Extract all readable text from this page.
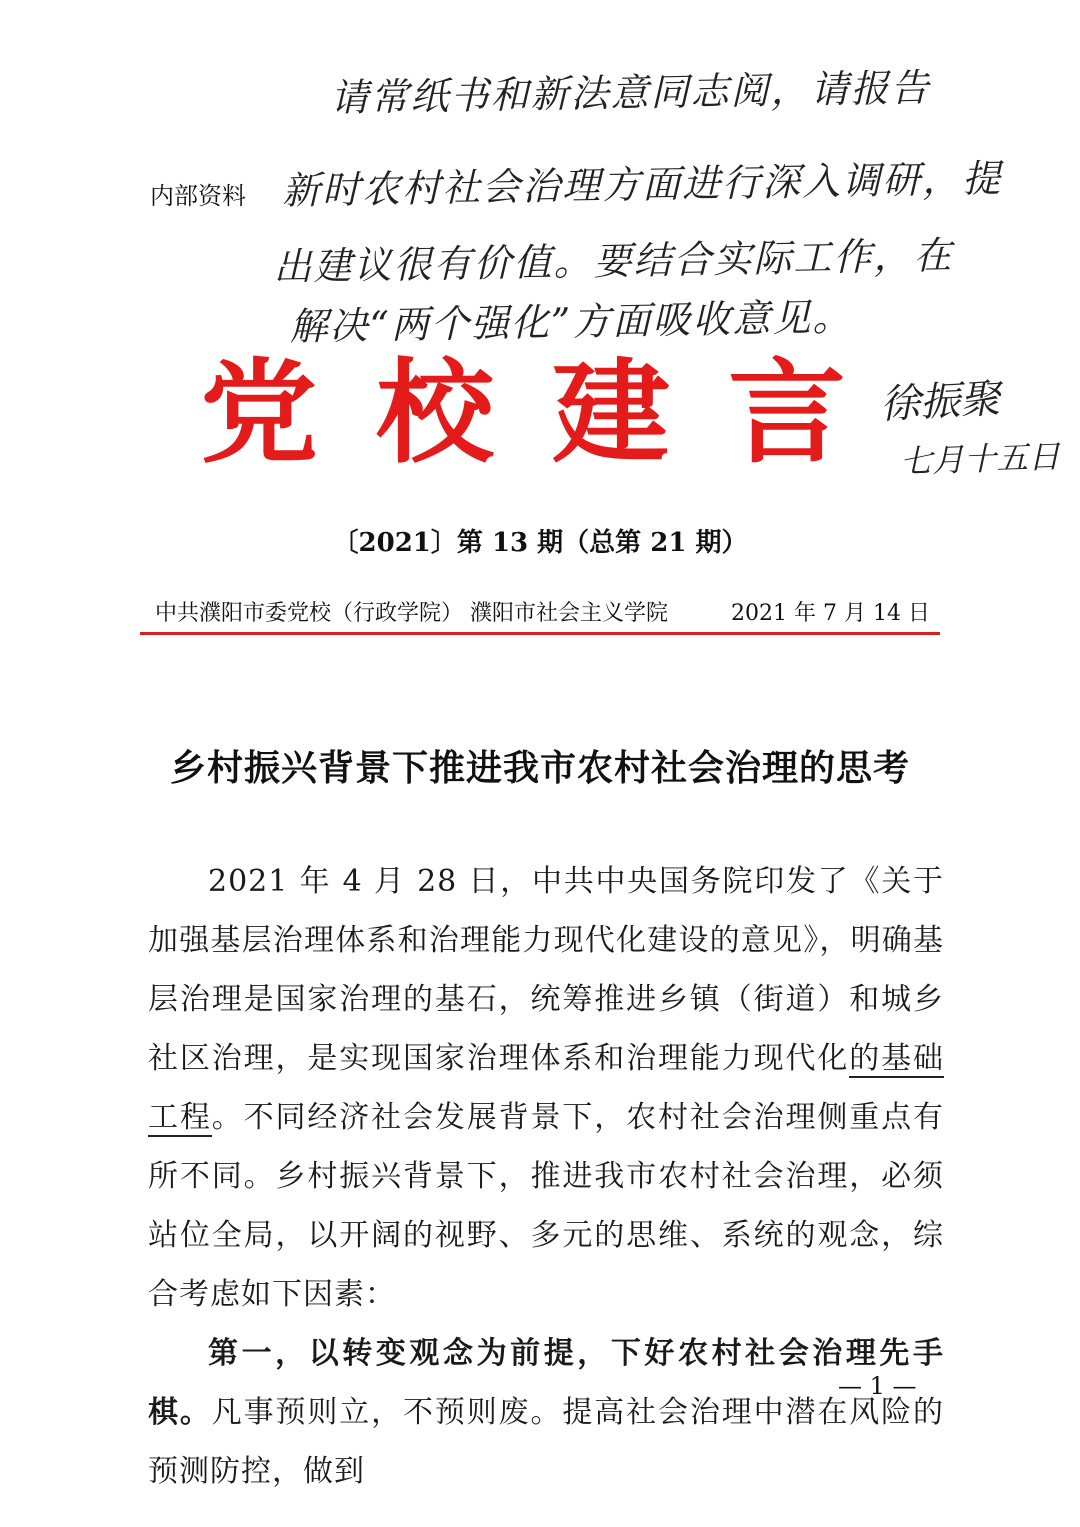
请常纸书和新法意同志阅，请报告
新时农村社会治理方面进行深入调研，提
出建议很有价值。要结合实际工作，在
解决“两个强化”方面吸收意见。
内部资料
党校建言
徐振聚
七月十五日
〔2021〕第 13 期（总第 21 期）
中共濮阳市委党校（行政学院） 濮阳市社会主义学院	2021 年 7 月 14 日
乡村振兴背景下推进我市农村社会治理的思考

2021 年 4 月 28 日，中共中央国务院印发了《关于加强基层治理体系和治理能力现代化建设的意见》，明确基层治理是国家治理的基石，统筹推进乡镇（街道）和城乡社区治理，是实现国家治理体系和治理能力现代化的基础工程。不同经济社会发展背景下，农村社会治理侧重点有所不同。乡村振兴背景下，推进我市农村社会治理，必须站位全局，以开阔的视野、多元的思维、系统的观念，综合考虑如下因素：

第一，以转变观念为前提，下好农村社会治理先手棋。凡事预则立，不预则废。提高社会治理中潜在风险的预测防控，做到

— 1 —
